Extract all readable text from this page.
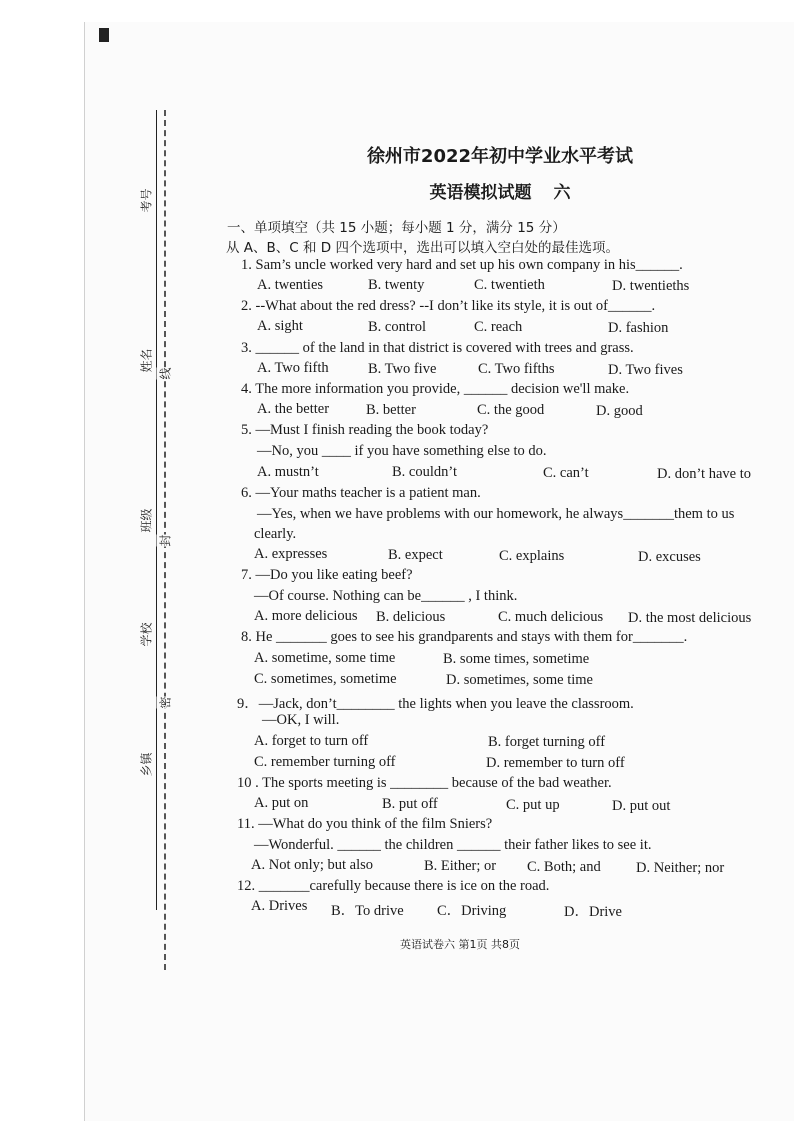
考号
姓名
班级
学校
乡镇
线
封
密
徐州市2022年初中学业水平考试
英语模拟试题 六
一、单项填空（共 15 小题；每小题 1 分，满分 15 分）
从 A、B、C 和 D 四个选项中，选出可以填入空白处的最佳选项。
1. Sam’s uncle worked very hard and set up his own company in his______.
A. twenties	B. twenty	C. twentieth	D. twentieths
2. --What about the red dress? --I don’t like its style, it is out of______.
A. sight	B. control	C. reach	D. fashion
3. ______ of the land in that district is covered with trees and grass.
A. Two fifth	B. Two five	C. Two fifths	D. Two fives
4. The more information you provide, ______ decision we'll make.
A. the better	B. better	C. the good	D. good
5. —Must I finish reading the book today?
—No, you ____ if you have something else to do.
A. mustn’t	B. couldn’t	C. can’t	D. don’t have to
6. —Your maths teacher is a patient man.
—Yes, when we have problems with our homework, he always_______them to us
clearly.
A. expresses	B. expect	C. explains	D. excuses
7. —Do you like eating beef?
—Of course. Nothing can be______ , I think.
A. more delicious B. delicious	C. much delicious D. the most delicious
8. He _______ goes to see his grandparents and stays with them for_______.
A. sometime, some time	B. some times, sometime
C. sometimes, sometime	D. sometimes, some time
9．—Jack, don’t________ the lights when you leave the classroom.
—OK, I will.
A. forget to turn off	B. forget turning off
C. remember turning off	D. remember to turn off
10 . The sports meeting is ________ because of the bad weather.
A. put on	B. put off	C. put up	D. put out
11. —What do you think of the film Sniers?
—Wonderful. ______ the children ______ their father likes to see it.
A. Not only; but also	B. Either; or C. Both; and D. Neither; nor
12. _______carefully because there is ice on the road.
A. Drives B．To drive C．Driving	D．Drive
英语试卷六 第1页 共8页
